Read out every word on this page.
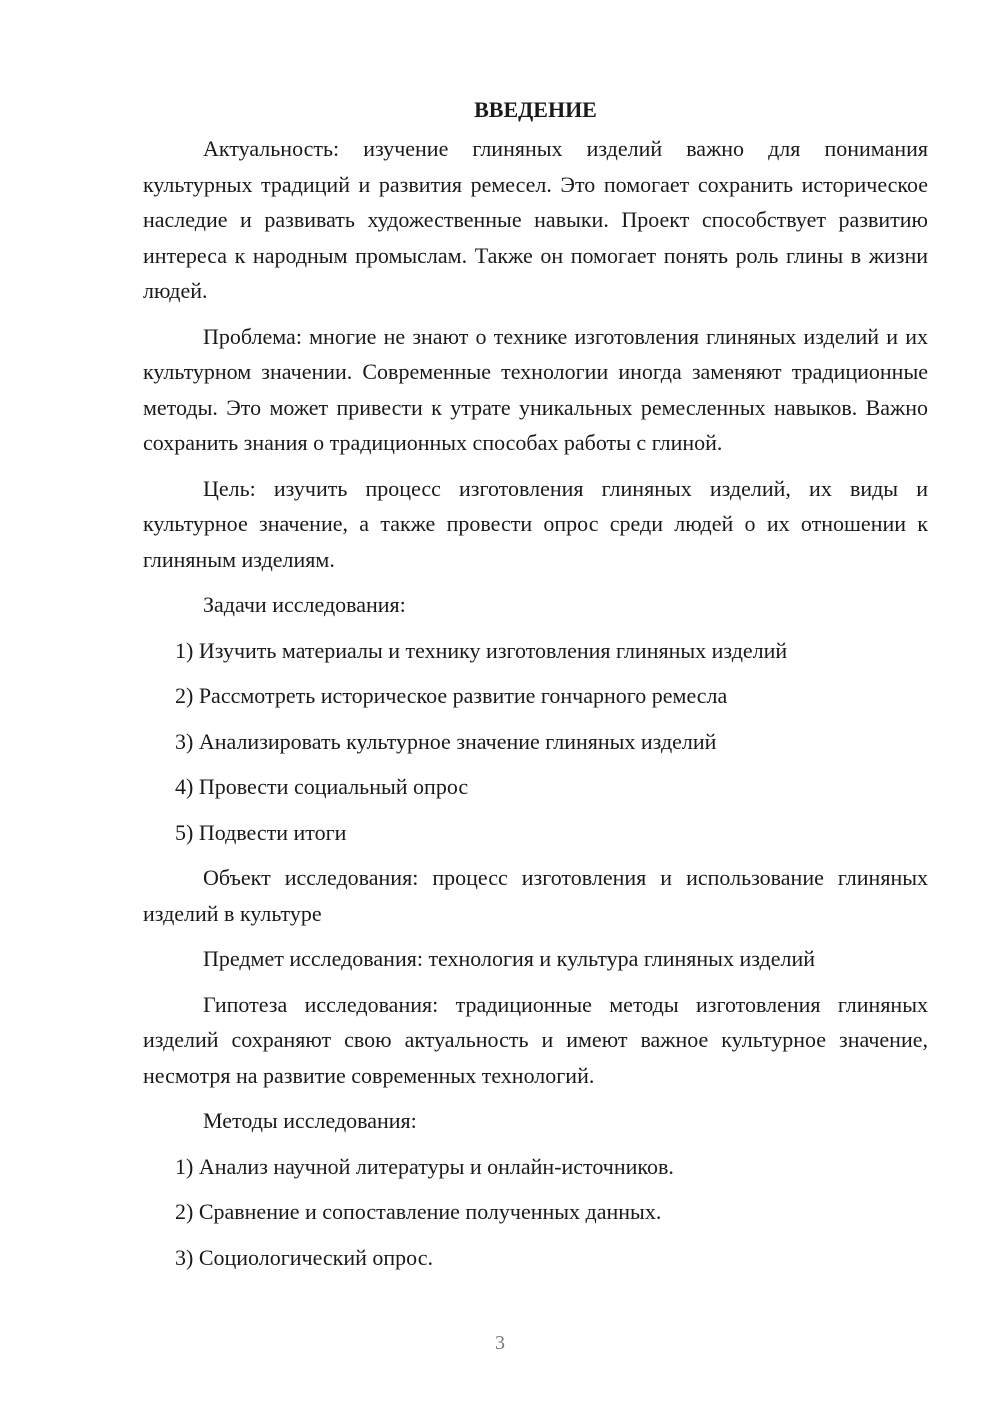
ВВЕДЕНИЕ

Актуальность: изучение глиняных изделий важно для понимания культурных традиций и развития ремесел. Это помогает сохранить историческое наследие и развивать художественные навыки. Проект способствует развитию интереса к народным промыслам. Также он помогает понять роль глины в жизни людей.

Проблема: многие не знают о технике изготовления глиняных изделий и их культурном значении. Современные технологии иногда заменяют традиционные методы. Это может привести к утрате уникальных ремесленных навыков. Важно сохранить знания о традиционных способах работы с глиной.

Цель: изучить процесс изготовления глиняных изделий, их виды и культурное значение, а также провести опрос среди людей о их отношении к глиняным изделиям.

Задачи исследования:

1) Изучить материалы и технику изготовления глиняных изделий

2) Рассмотреть историческое развитие гончарного ремесла

3) Анализировать культурное значение глиняных изделий

4) Провести социальный опрос

5) Подвести итоги

Объект исследования: процесс изготовления и использование глиняных изделий в культуре

Предмет исследования: технология и культура глиняных изделий

Гипотеза исследования: традиционные методы изготовления глиняных изделий сохраняют свою актуальность и имеют важное культурное значение, несмотря на развитие современных технологий.

Методы исследования:

1) Анализ научной литературы и онлайн-источников.

2) Сравнение и сопоставление полученных данных.

3) Социологический опрос.

3
